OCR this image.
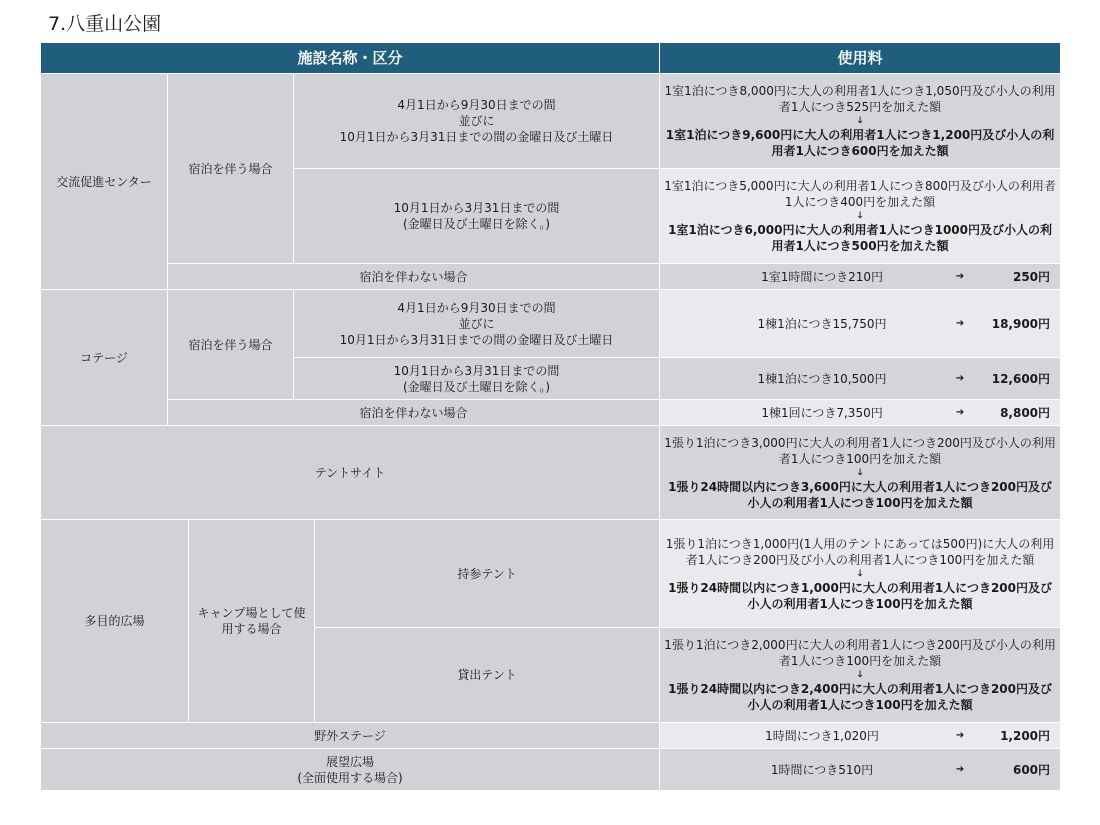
7.八重山公園
施設名称・区分					使用料
交流促進センター	宿泊を伴う場合		4月1日から9月30日までの間
並びに
10月1日から3月31日までの間の金曜日及び土曜日		1室1泊につき8,000円に大人の利用者1人につき1,050円及び小人の利用者1人につき525円を加えた額
🡓
1室1泊につき9,600円に大人の利用者1人につき1,200円及び小人の利用者1人につき600円を加えた額

			10月1日から3月31日までの間
(金曜日及び土曜日を除く。)		1室1泊につき5,000円に大人の利用者1人につき800円及び小人の利用者1人につき400円を加えた額
🡓
1室1泊につき6,000円に大人の利用者1人につき1000円及び小人の利用者1人につき500円を加えた額

	宿泊を伴わない場合				1室1時間につき210円 ➔ 250円

コテージ	宿泊を伴う場合		4月1日から9月30日までの間
並びに
10月1日から3月31日までの間の金曜日及び土曜日		1棟1泊につき15,750円 ➔ 18,900円

			10月1日から3月31日までの間
(金曜日及び土曜日を除く。)		1棟1泊につき10,500円 ➔ 12,600円

	宿泊を伴わない場合				1棟1回につき7,350円 ➔ 8,800円

テントサイト					1張り1泊につき3,000円に大人の利用者1人につき200円及び小人の利用者1人につき100円を加えた額
🡓
1張り24時間以内につき3,600円に大人の利用者1人につき200円及び小人の利用者1人につき100円を加えた額

多目的広場		キャンプ場として使用する場合		持参テント	1張り1泊につき1,000円(1人用のテントにあっては500円)に大人の利用者1人につき200円及び小人の利用者1人につき100円を加えた額
🡓
1張り24時間以内につき1,000円に大人の利用者1人につき200円及び小人の利用者1人につき100円を加えた額

				貸出テント	1張り1泊につき2,000円に大人の利用者1人につき200円及び小人の利用者1人につき100円を加えた額
🡓
1張り24時間以内につき2,400円に大人の利用者1人につき200円及び小人の利用者1人につき100円を加えた額

野外ステージ					1時間につき1,020円 ➔ 1,200円

展望広場
(全面使用する場合)					1時間につき510円 ➔ 600円
